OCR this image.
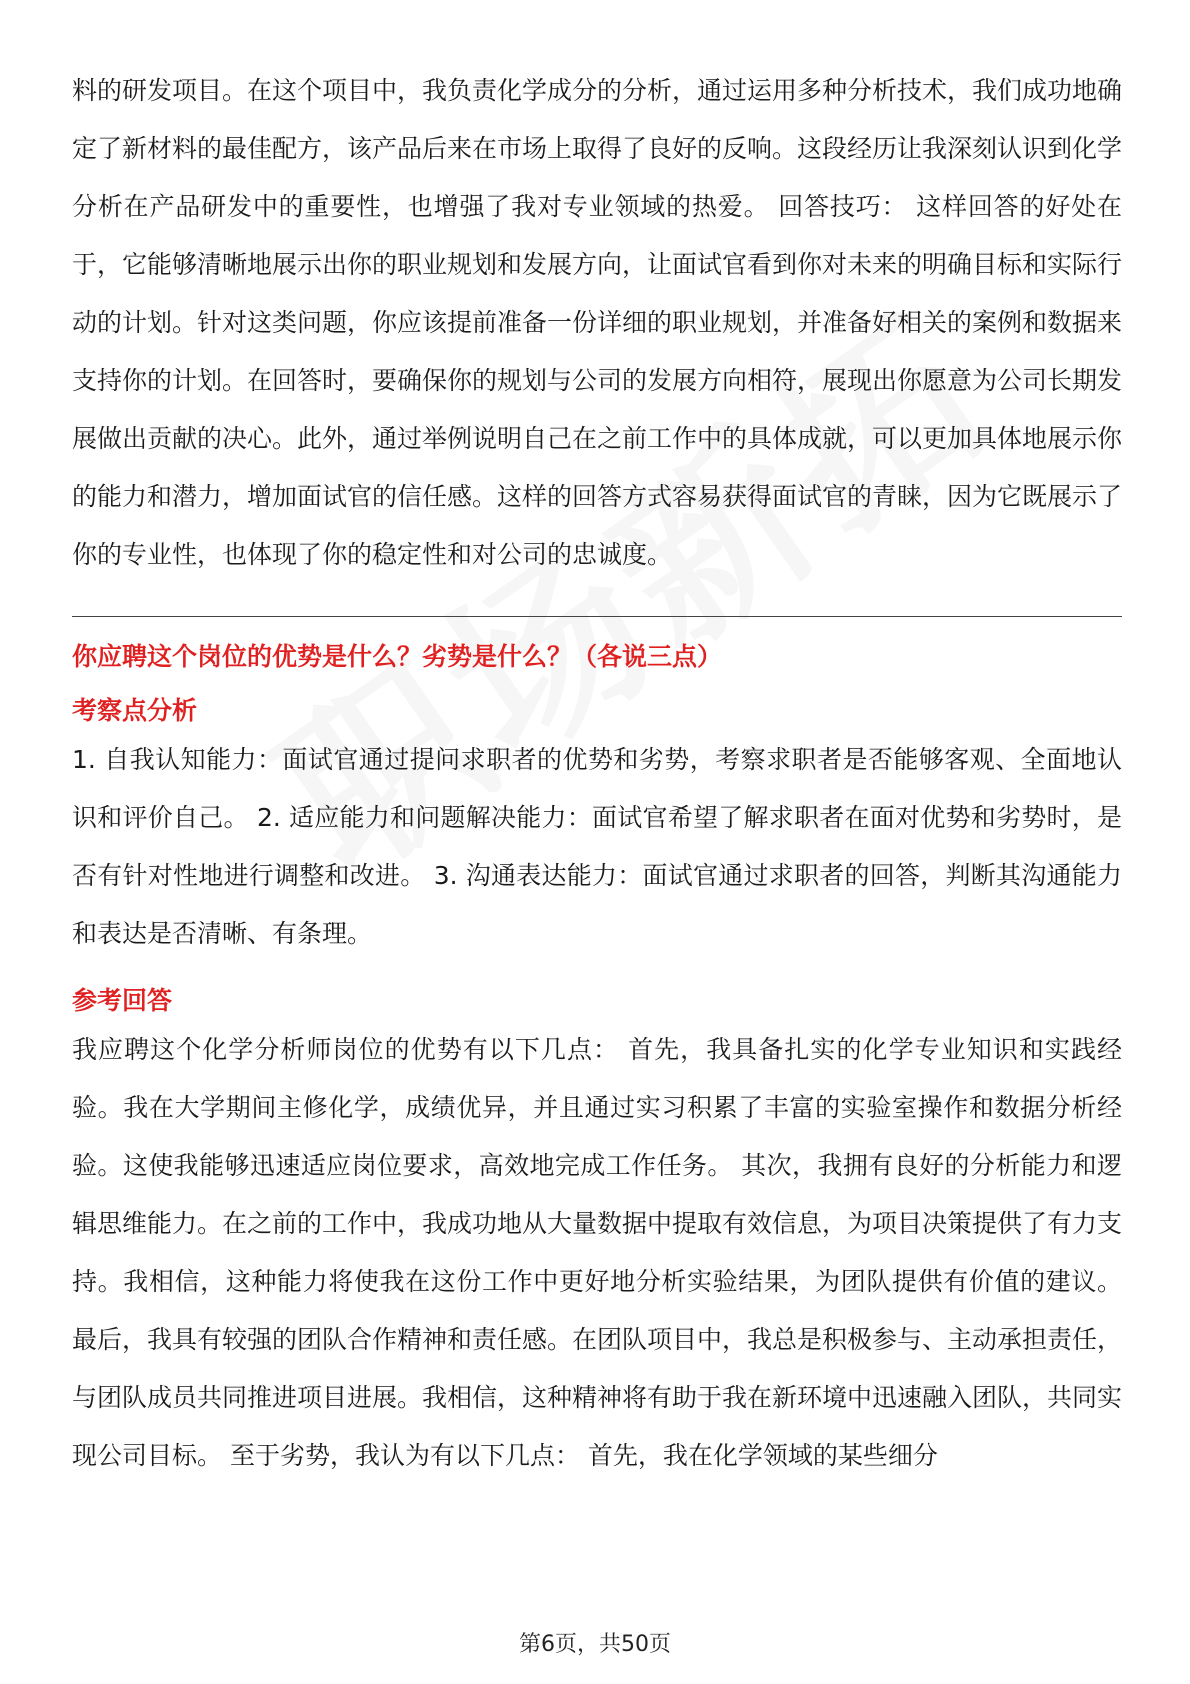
料的研发项目。在这个项目中，我负责化学成分的分析，通过运用多种分析技术，我们成功地确定了新材料的最佳配方，该产品后来在市场上取得了良好的反响。这段经历让我深刻认识到化学分析在产品研发中的重要性，也增强了我对专业领域的热爱。 回答技巧： 这样回答的好处在于，它能够清晰地展示出你的职业规划和发展方向，让面试官看到你对未来的明确目标和实际行动的计划。针对这类问题，你应该提前准备一份详细的职业规划，并准备好相关的案例和数据来支持你的计划。在回答时，要确保你的规划与公司的发展方向相符，展现出你愿意为公司长期发展做出贡献的决心。此外，通过举例说明自己在之前工作中的具体成就，可以更加具体地展示你的能力和潜力，增加面试官的信任感。这样的回答方式容易获得面试官的青睐，因为它既展示了你的专业性，也体现了你的稳定性和对公司的忠诚度。

你应聘这个岗位的优势是什么？劣势是什么？（各说三点）
考察点分析

1. 自我认知能力：面试官通过提问求职者的优势和劣势，考察求职者是否能够客观、全面地认识和评价自己。 2. 适应能力和问题解决能力：面试官希望了解求职者在面对优势和劣势时，是否有针对性地进行调整和改进。 3. 沟通表达能力：面试官通过求职者的回答，判断其沟通能力和表达是否清晰、有条理。

参考回答

我应聘这个化学分析师岗位的优势有以下几点： 首先，我具备扎实的化学专业知识和实践经验。我在大学期间主修化学，成绩优异，并且通过实习积累了丰富的实验室操作和数据分析经验。这使我能够迅速适应岗位要求，高效地完成工作任务。 其次，我拥有良好的分析能力和逻辑思维能力。在之前的工作中，我成功地从大量数据中提取有效信息，为项目决策提供了有力支持。我相信，这种能力将使我在这份工作中更好地分析实验结果，为团队提供有价值的建议。 最后，我具有较强的团队合作精神和责任感。在团队项目中，我总是积极参与、主动承担责任，与团队成员共同推进项目进展。我相信，这种精神将有助于我在新环境中迅速融入团队，共同实现公司目标。 至于劣势，我认为有以下几点： 首先，我在化学领域的某些细分

第6页，共50页
